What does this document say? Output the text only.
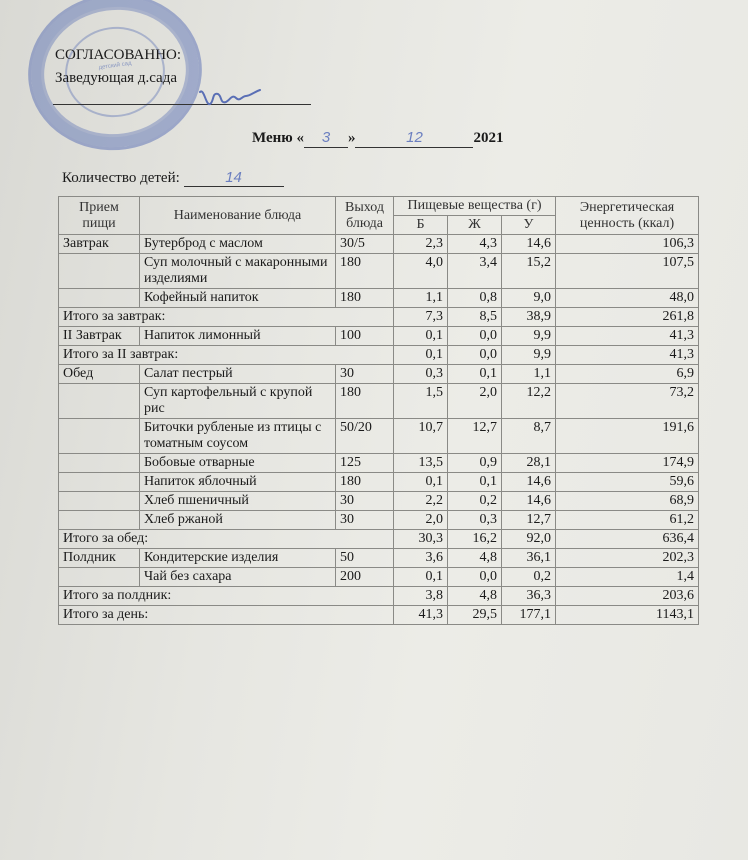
детский сад
СОГЛАСОВАННО:
Заведующая д.сада
Меню « 3 »	12	2021
Количество детей:	14
Прием пищи	Наименование блюда	Выход блюда	Пищевые вещества (г)			Энергетическая ценность (ккал)
			Б	Ж	У	
Завтрак	Бутерброд с маслом	30/5	2,3	4,3	14,6	106,3
	Суп молочный с макаронными изделиями	180	4,0	3,4	15,2	107,5
	Кофейный напиток	180	1,1	0,8	9,0	48,0
Итого за завтрак:			7,3	8,5	38,9	261,8
II Завтрак	Напиток лимонный	100	0,1	0,0	9,9	41,3
Итого за II завтрак:			0,1	0,0	9,9	41,3
Обед	Салат пестрый	30	0,3	0,1	1,1	6,9
	Суп картофельный с крупой рис	180	1,5	2,0	12,2	73,2
	Биточки рубленые из птицы с томатным соусом	50/20	10,7	12,7	8,7	191,6
	Бобовые отварные	125	13,5	0,9	28,1	174,9
	Напиток яблочный	180	0,1	0,1	14,6	59,6
	Хлеб пшеничный	30	2,2	0,2	14,6	68,9
	Хлеб ржаной	30	2,0	0,3	12,7	61,2
Итого за обед:			30,3	16,2	92,0	636,4
Полдник	Кондитерские изделия	50	3,6	4,8	36,1	202,3
	Чай без сахара	200	0,1	0,0	0,2	1,4
Итого за полдник:			3,8	4,8	36,3	203,6
Итого за день:			41,3	29,5	177,1	1143,1
